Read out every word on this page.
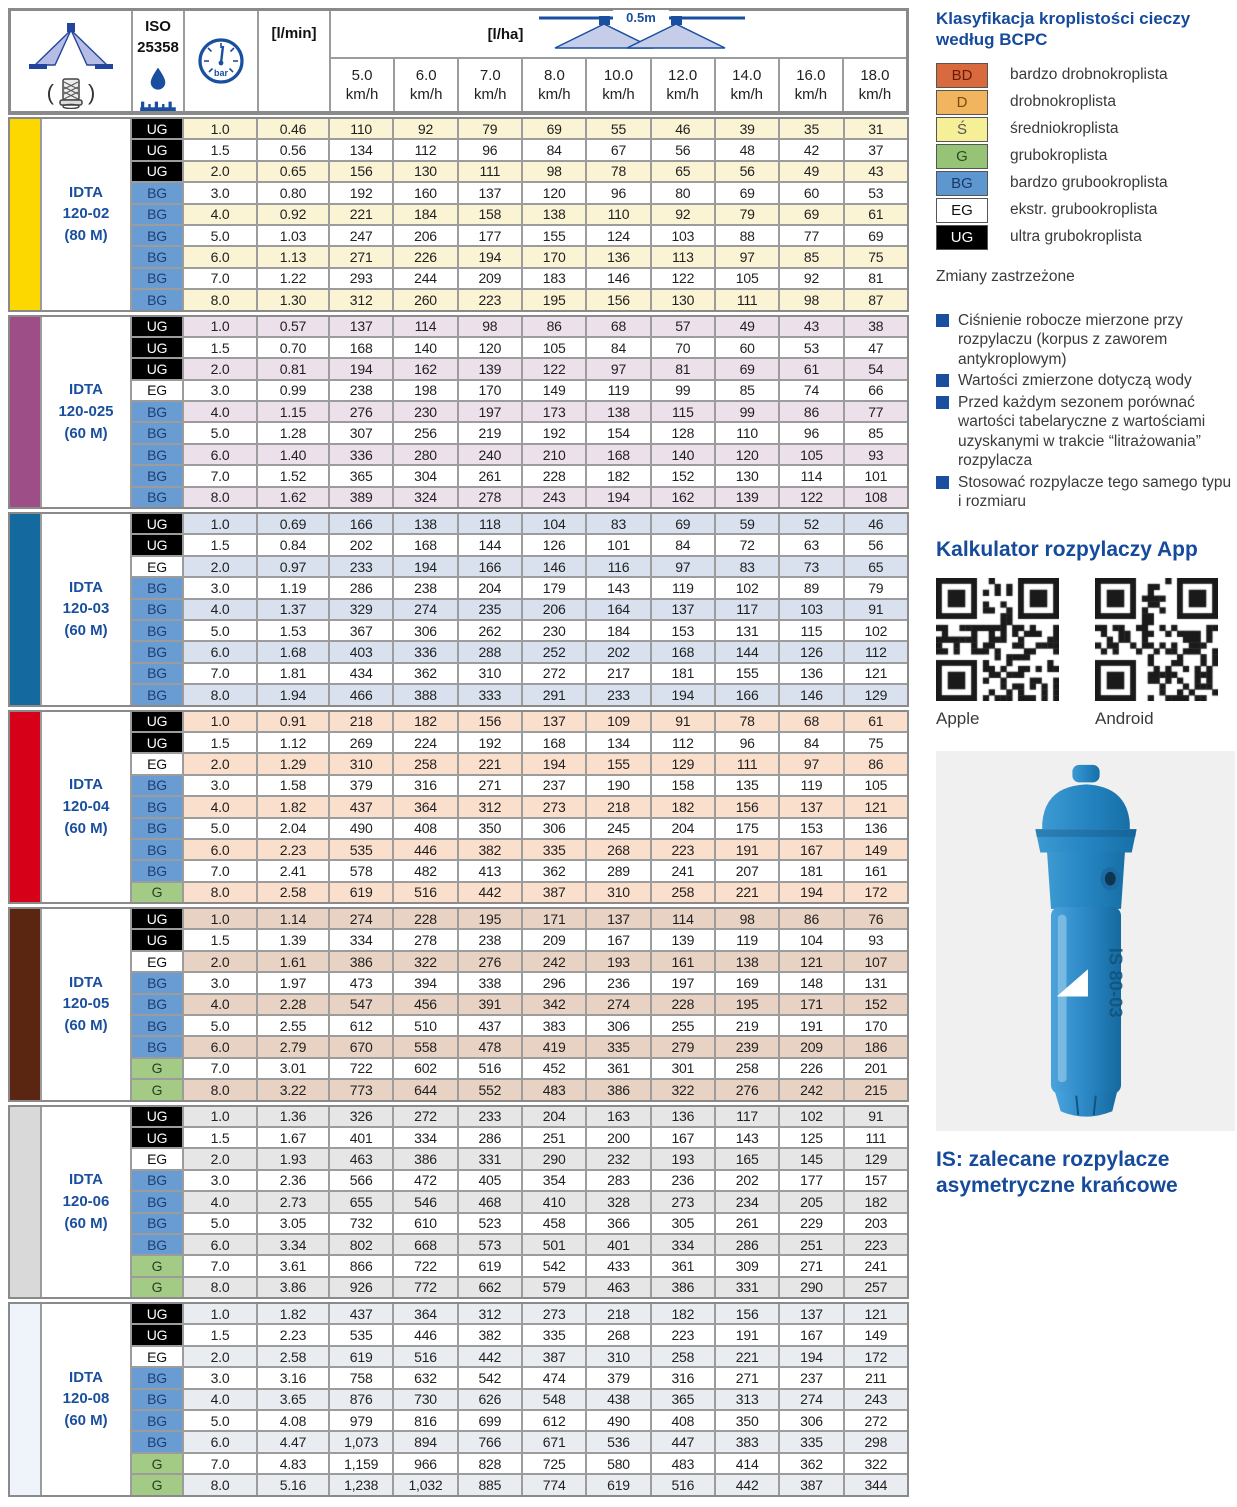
( )
ISO
25358
bar
[l/min]	[l/ha]
0.5m
5.0
km/h
6.0
km/h
7.0
km/h
8.0
km/h
10.0
km/h
12.0
km/h
14.0
km/h
16.0
km/h
18.0
km/h
IDTA
120-02
(80 M)
UG	1.0	0.46	110	92	79	69	55	46	39	35	31
UG	1.5	0.56	134	112	96	84	67	56	48	42	37
UG	2.0	0.65	156	130	111	98	78	65	56	49	43
BG	3.0	0.80	192	160	137	120	96	80	69	60	53
BG	4.0	0.92	221	184	158	138	110	92	79	69	61
BG	5.0	1.03	247	206	177	155	124	103	88	77	69
BG	6.0	1.13	271	226	194	170	136	113	97	85	75
BG	7.0	1.22	293	244	209	183	146	122	105	92	81
BG	8.0	1.30	312	260	223	195	156	130	111	98	87
IDTA
120-025
(60 M)
UG	1.0	0.57	137	114	98	86	68	57	49	43	38
UG	1.5	0.70	168	140	120	105	84	70	60	53	47
UG	2.0	0.81	194	162	139	122	97	81	69	61	54
EG	3.0	0.99	238	198	170	149	119	99	85	74	66
BG	4.0	1.15	276	230	197	173	138	115	99	86	77
BG	5.0	1.28	307	256	219	192	154	128	110	96	85
BG	6.0	1.40	336	280	240	210	168	140	120	105	93
BG	7.0	1.52	365	304	261	228	182	152	130	114	101
BG	8.0	1.62	389	324	278	243	194	162	139	122	108
IDTA
120-03
(60 M)
UG	1.0	0.69	166	138	118	104	83	69	59	52	46
UG	1.5	0.84	202	168	144	126	101	84	72	63	56
EG	2.0	0.97	233	194	166	146	116	97	83	73	65
BG	3.0	1.19	286	238	204	179	143	119	102	89	79
BG	4.0	1.37	329	274	235	206	164	137	117	103	91
BG	5.0	1.53	367	306	262	230	184	153	131	115	102
BG	6.0	1.68	403	336	288	252	202	168	144	126	112
BG	7.0	1.81	434	362	310	272	217	181	155	136	121
BG	8.0	1.94	466	388	333	291	233	194	166	146	129
IDTA
120-04
(60 M)
UG	1.0	0.91	218	182	156	137	109	91	78	68	61
UG	1.5	1.12	269	224	192	168	134	112	96	84	75
EG	2.0	1.29	310	258	221	194	155	129	111	97	86
BG	3.0	1.58	379	316	271	237	190	158	135	119	105
BG	4.0	1.82	437	364	312	273	218	182	156	137	121
BG	5.0	2.04	490	408	350	306	245	204	175	153	136
BG	6.0	2.23	535	446	382	335	268	223	191	167	149
BG	7.0	2.41	578	482	413	362	289	241	207	181	161
G	8.0	2.58	619	516	442	387	310	258	221	194	172
IDTA
120-05
(60 M)
UG	1.0	1.14	274	228	195	171	137	114	98	86	76
UG	1.5	1.39	334	278	238	209	167	139	119	104	93
EG	2.0	1.61	386	322	276	242	193	161	138	121	107
BG	3.0	1.97	473	394	338	296	236	197	169	148	131
BG	4.0	2.28	547	456	391	342	274	228	195	171	152
BG	5.0	2.55	612	510	437	383	306	255	219	191	170
BG	6.0	2.79	670	558	478	419	335	279	239	209	186
G	7.0	3.01	722	602	516	452	361	301	258	226	201
G	8.0	3.22	773	644	552	483	386	322	276	242	215
IDTA
120-06
(60 M)
UG	1.0	1.36	326	272	233	204	163	136	117	102	91
UG	1.5	1.67	401	334	286	251	200	167	143	125	111
EG	2.0	1.93	463	386	331	290	232	193	165	145	129
BG	3.0	2.36	566	472	405	354	283	236	202	177	157
BG	4.0	2.73	655	546	468	410	328	273	234	205	182
BG	5.0	3.05	732	610	523	458	366	305	261	229	203
BG	6.0	3.34	802	668	573	501	401	334	286	251	223
G	7.0	3.61	866	722	619	542	433	361	309	271	241
G	8.0	3.86	926	772	662	579	463	386	331	290	257
IDTA
120-08
(60 M)
UG	1.0	1.82	437	364	312	273	218	182	156	137	121
UG	1.5	2.23	535	446	382	335	268	223	191	167	149
EG	2.0	2.58	619	516	442	387	310	258	221	194	172
BG	3.0	3.16	758	632	542	474	379	316	271	237	211
BG	4.0	3.65	876	730	626	548	438	365	313	274	243
BG	5.0	4.08	979	816	699	612	490	408	350	306	272
BG	6.0	4.47	1,073	894	766	671	536	447	383	335	298
G	7.0	4.83	1,159	966	828	725	580	483	414	362	322
G	8.0	5.16	1,238	1,032	885	774	619	516	442	387	344
Klasyfikacja kroplistości cieczy według BCPC
BD	bardzo drobnokroplista
D	drobnokroplista
Ś	średniokroplista
G	grubokroplista
BG	bardzo grubookroplista
EG	ekstr. grubookroplista
UG	ultra grubokroplista
Zmiany zastrzeżone
Ciśnienie robocze mierzone przy rozpylaczu (korpus z zaworem antykroplowym)
Wartości zmierzone dotyczą wody
Przed każdym sezonem porównać wartości tabelaryczne z wartościami uzyskanymi w trakcie “litrażowania” rozpylacza
Stosować rozpylacze tego samego typu i rozmiaru
Kalkulator rozpylaczy App
Apple	Android
IS 80-03
IS: zalecane rozpylacze asymetryczne krańcowe
